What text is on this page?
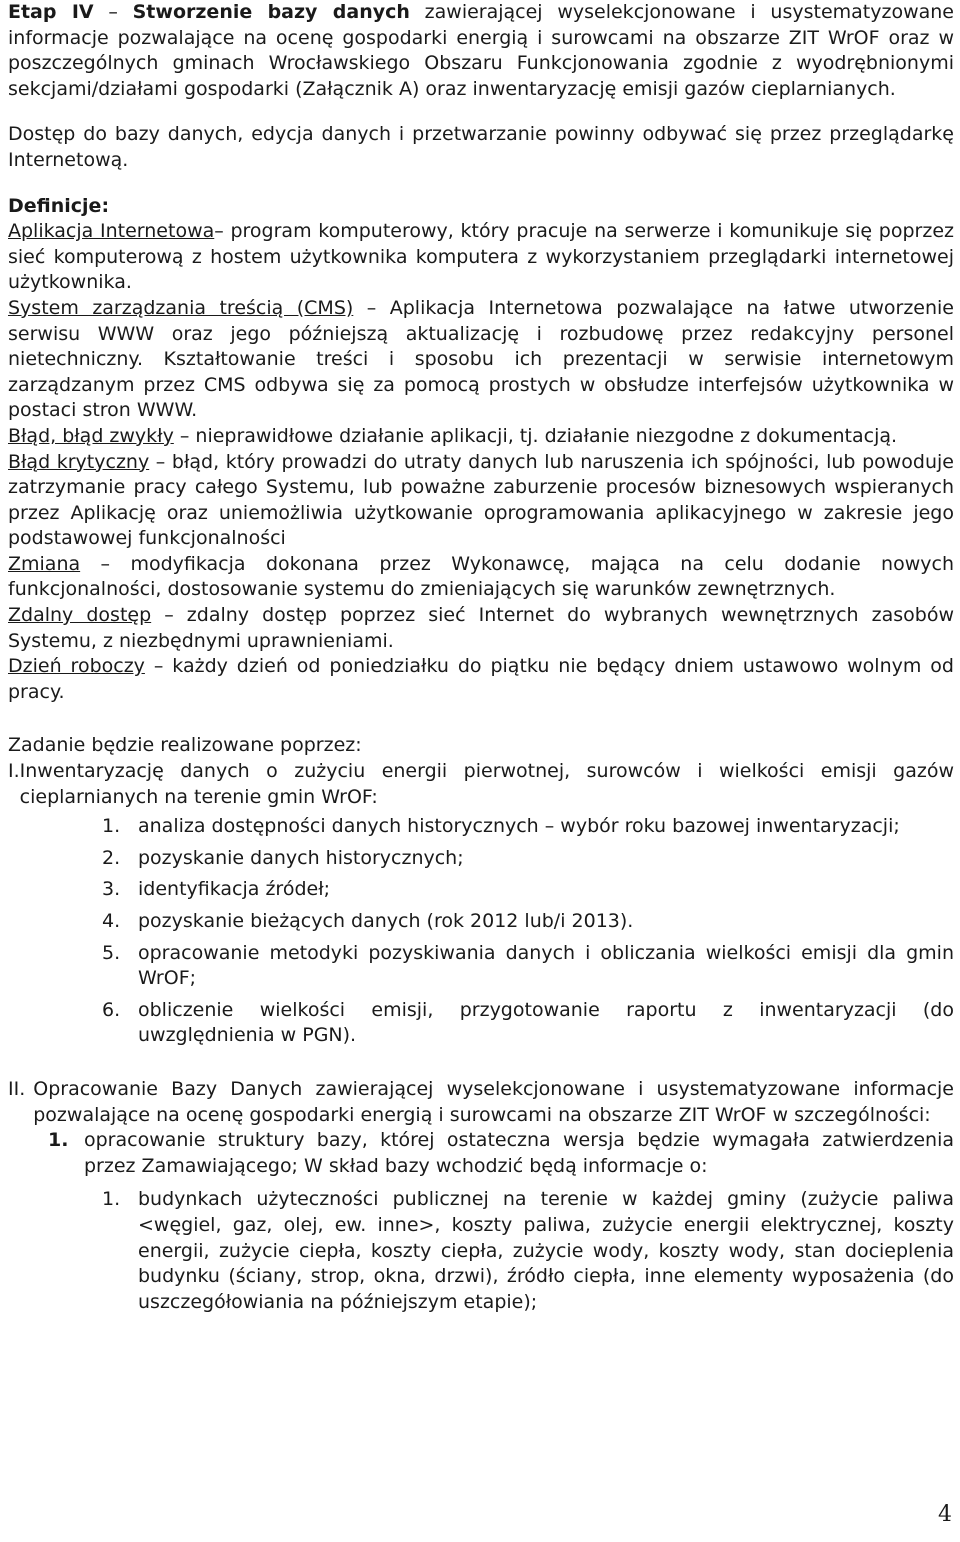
Etap IV – Stworzenie bazy danych zawierającej wyselekcjonowane i usystematyzowane informacje pozwalające na ocenę gospodarki energią i surowcami na obszarze ZIT WrOF oraz w poszczególnych gminach Wrocławskiego Obszaru Funkcjonowania zgodnie z wyodrębnionymi sekcjami/działami gospodarki (Załącznik A) oraz inwentaryzację emisji gazów cieplarnianych.

Dostęp do bazy danych, edycja danych i przetwarzanie powinny odbywać się przez przeglądarkę Internetową.

Definicje:

Aplikacja Internetowa– program komputerowy, który pracuje na serwerze i komunikuje się poprzez sieć komputerową z hostem użytkownika komputera z wykorzystaniem przeglądarki internetowej użytkownika.

System zarządzania treścią (CMS) – Aplikacja Internetowa pozwalające na łatwe utworzenie serwisu WWW oraz jego późniejszą aktualizację i rozbudowę przez redakcyjny personel nietechniczny. Kształtowanie treści i sposobu ich prezentacji w serwisie internetowym zarządzanym przez CMS odbywa się za pomocą prostych w obsłudze interfejsów użytkownika w postaci stron WWW.

Błąd, błąd zwykły – nieprawidłowe działanie aplikacji, tj. działanie niezgodne z dokumentacją.

Błąd krytyczny – błąd, który prowadzi do utraty danych lub naruszenia ich spójności, lub powoduje zatrzymanie pracy całego Systemu, lub poważne zaburzenie procesów biznesowych wspieranych przez Aplikację oraz uniemożliwia użytkowanie oprogramowania aplikacyjnego w zakresie jego podstawowej funkcjonalności

Zmiana – modyfikacja dokonana przez Wykonawcę, mająca na celu dodanie nowych funkcjonalności, dostosowanie systemu do zmieniających się warunków zewnętrznych.

Zdalny dostęp – zdalny dostęp poprzez sieć Internet do wybranych wewnętrznych zasobów Systemu, z niezbędnymi uprawnieniami.

Dzień roboczy – każdy dzień od poniedziałku do piątku nie będący dniem ustawowo wolnym od pracy.

Zadanie będzie realizowane poprzez:

I. Inwentaryzację danych o zużyciu energii pierwotnej, surowców i wielkości emisji gazów cieplarnianych na terenie gmin WrOF:
1. analiza dostępności danych historycznych – wybór roku bazowej inwentaryzacji;
2. pozyskanie danych historycznych;
3. identyfikacja źródeł;
4. pozyskanie bieżących danych (rok 2012 lub/i 2013).
5. opracowanie metodyki pozyskiwania danych i obliczania wielkości emisji dla gmin WrOF;
6. obliczenie wielkości emisji, przygotowanie raportu z inwentaryzacji (do uwzględnienia w PGN).
II. Opracowanie Bazy Danych zawierającej wyselekcjonowane i usystematyzowane informacje pozwalające na ocenę gospodarki energią i surowcami na obszarze ZIT WrOF w szczególności:
1. opracowanie struktury bazy, której ostateczna wersja będzie wymagała zatwierdzenia przez Zamawiającego; W skład bazy wchodzić będą informacje o:
1. budynkach użyteczności publicznej na terenie w każdej gminy (zużycie paliwa <węgiel, gaz, olej, ew. inne>, koszty paliwa, zużycie energii elektrycznej, koszty energii, zużycie ciepła, koszty ciepła, zużycie wody, koszty wody, stan docieplenia budynku (ściany, strop, okna, drzwi), źródło ciepła, inne elementy wyposażenia (do uszczegółowiania na późniejszym etapie);
4
